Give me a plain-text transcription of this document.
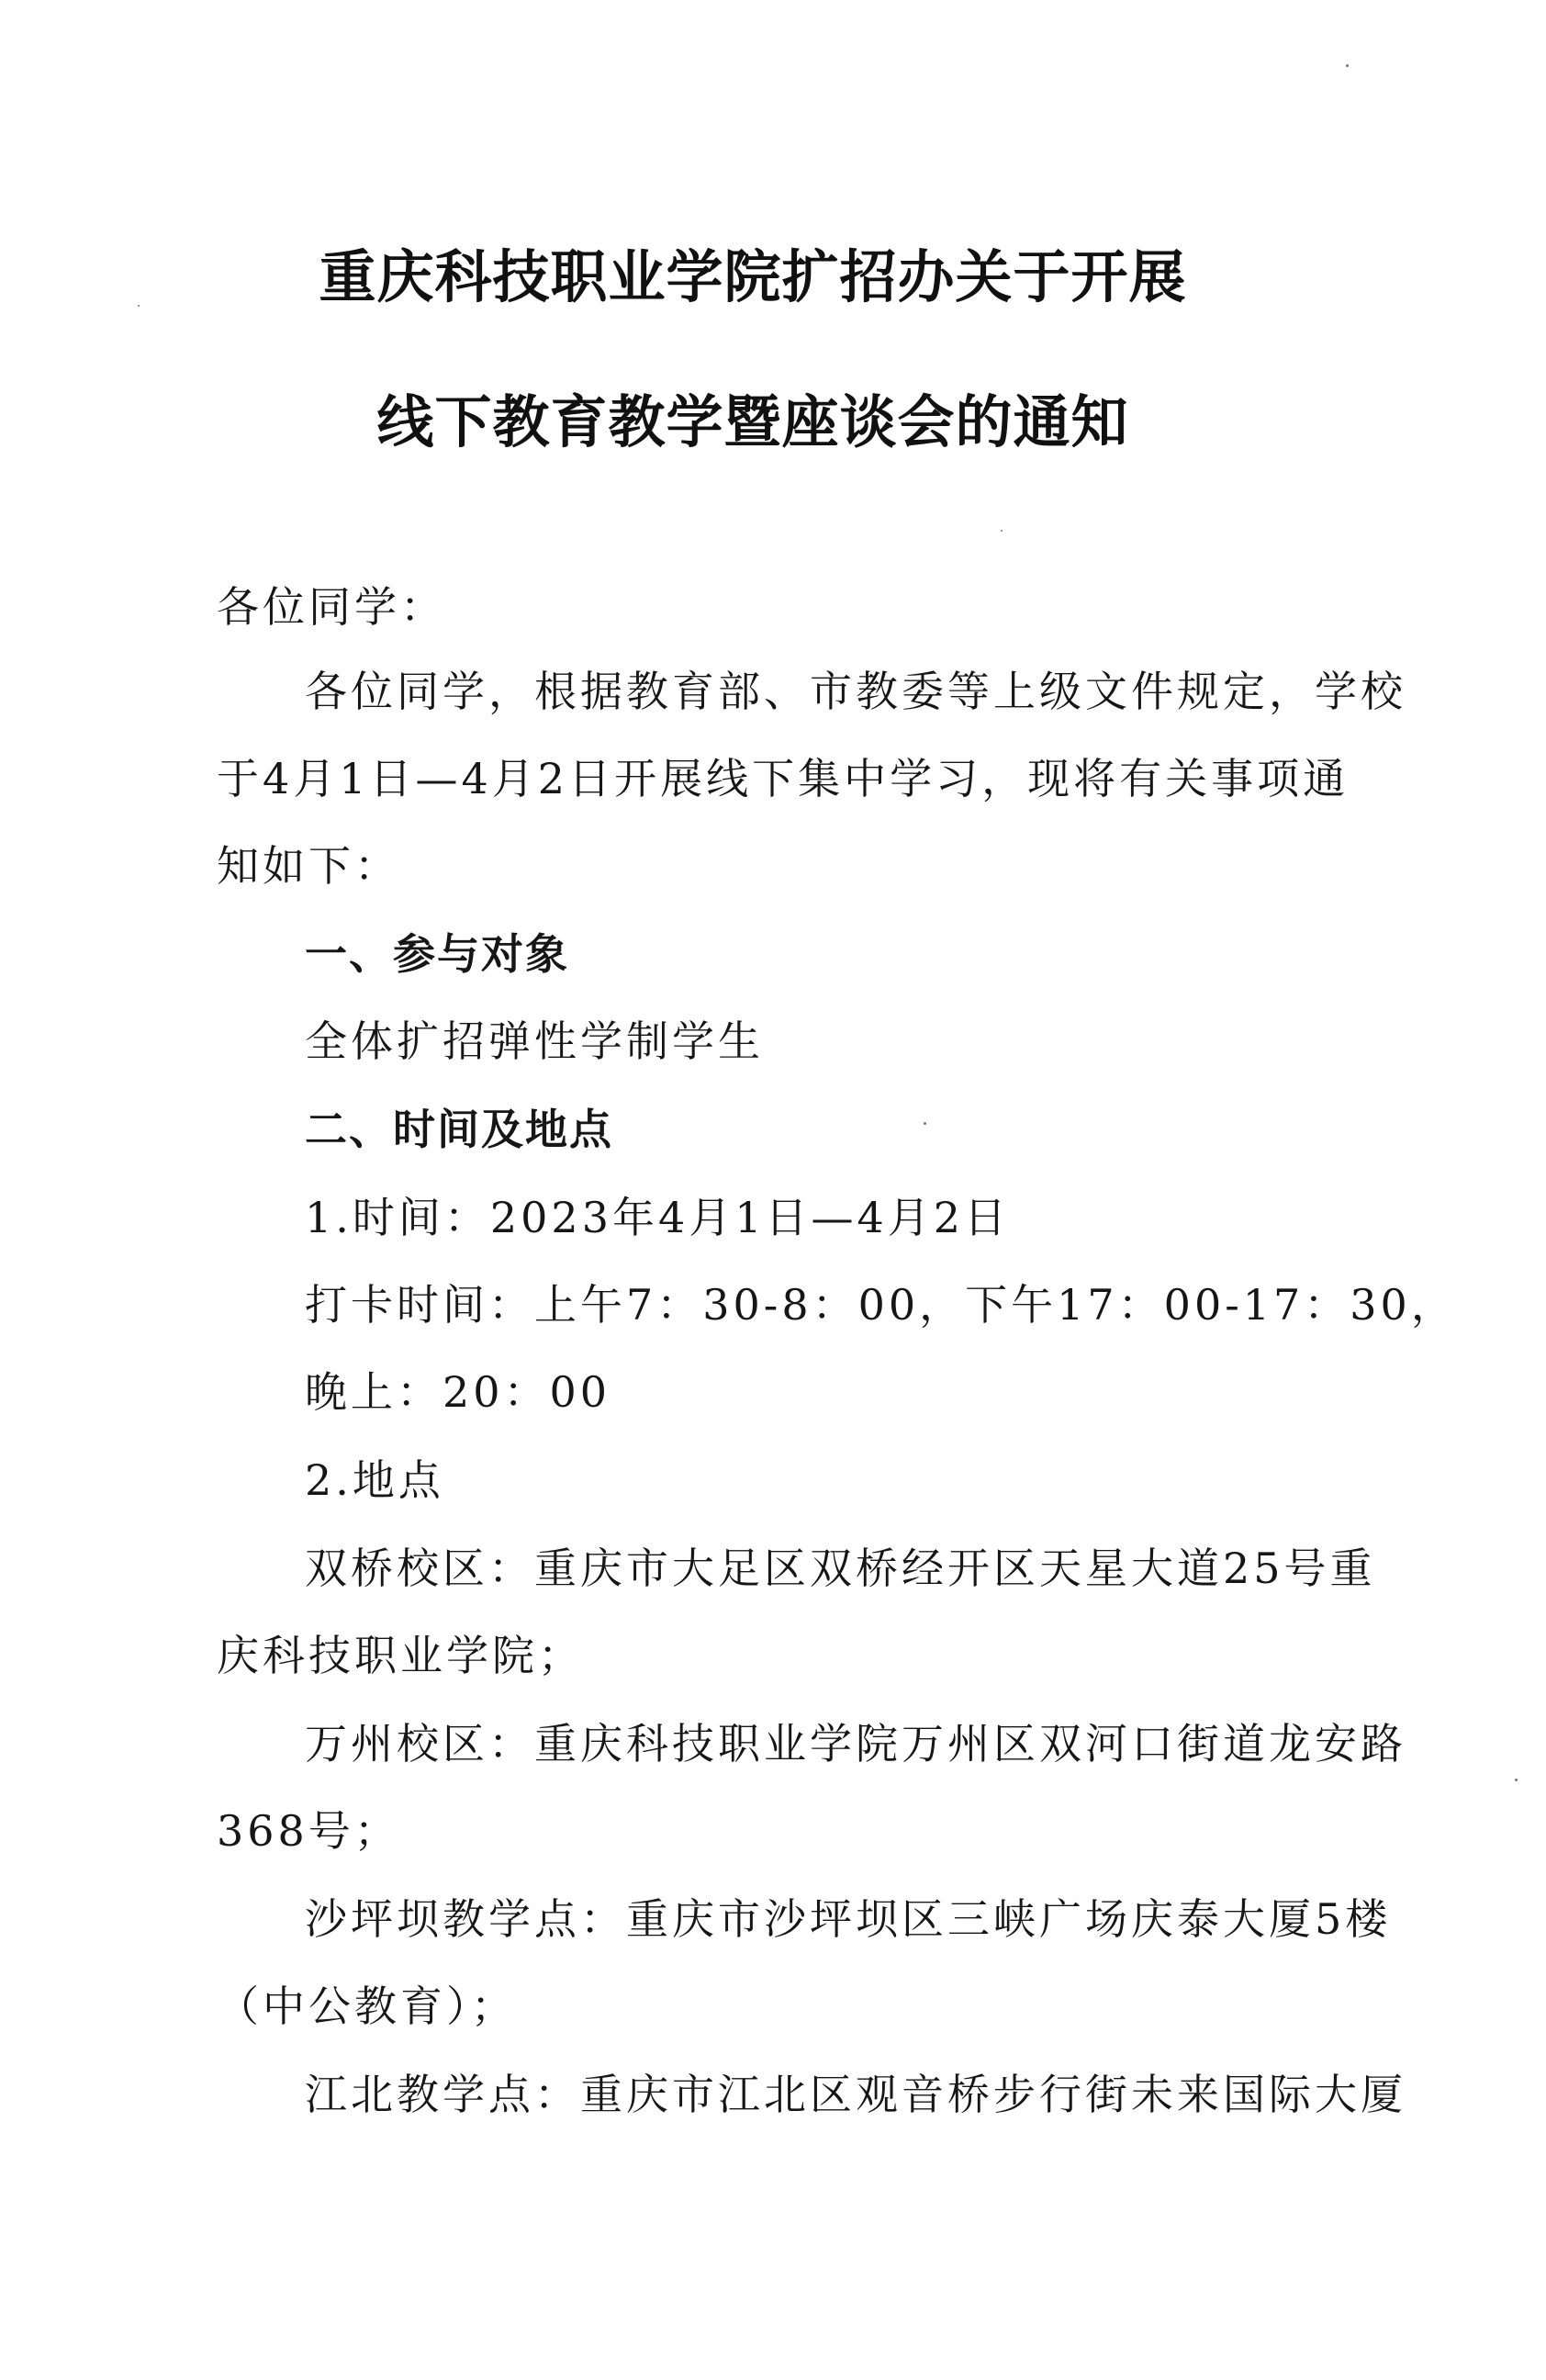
重庆科技职业学院扩招办关于开展
线下教育教学暨座谈会的通知
各位同学：
各位同学，根据教育部、市教委等上级文件规定，学校
于4月1日—4月2日开展线下集中学习，现将有关事项通
知如下：
一、参与对象
全体扩招弹性学制学生
二、时间及地点
1.时间：2023年4月1日—4月2日
打卡时间：上午7：30-8：00，下午17：00-17：30，
晚上：20：00
2.地点
双桥校区：重庆市大足区双桥经开区天星大道25号重
庆科技职业学院；
万州校区：重庆科技职业学院万州区双河口街道龙安路
368号；
沙坪坝教学点：重庆市沙坪坝区三峡广场庆泰大厦5楼
（中公教育）；
江北教学点：重庆市江北区观音桥步行街未来国际大厦
